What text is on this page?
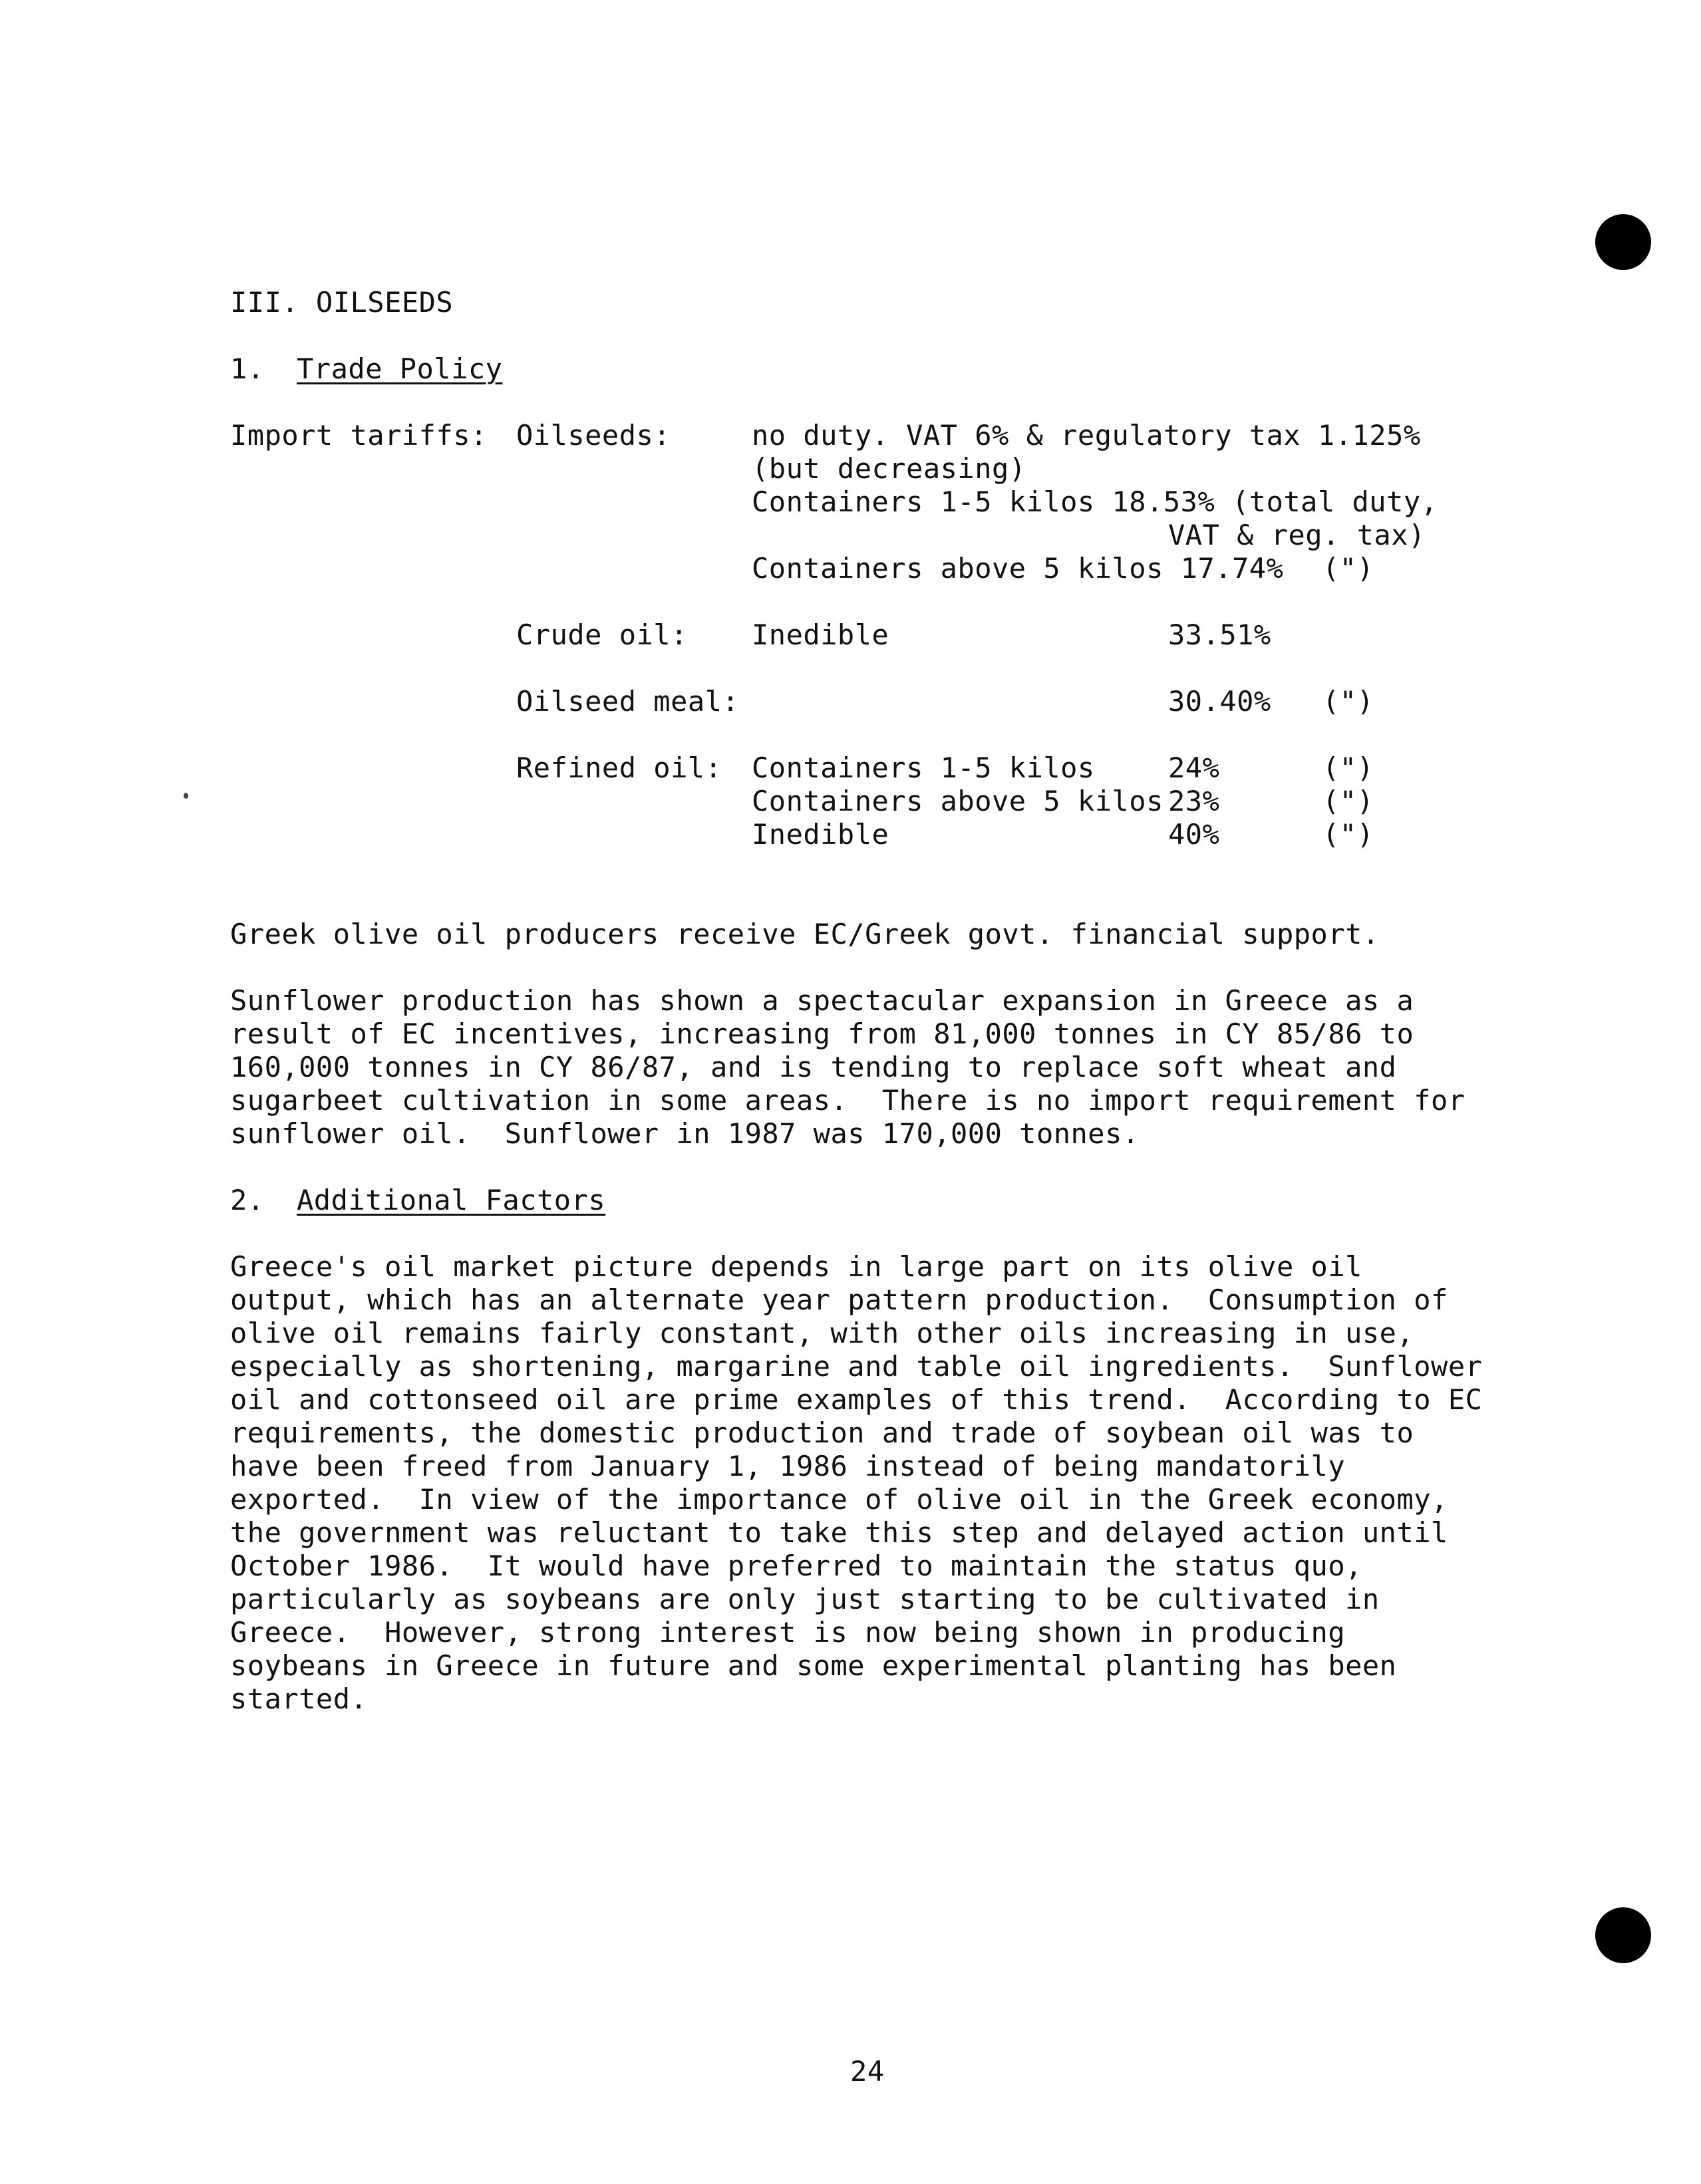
III. OILSEEDS
1. Trade Policy
Import tariffs: Oilseeds:	no duty. VAT 6% & regulatory tax 1.125%
(but decreasing)
Containers 1-5 kilos 18.53% (total duty,
VAT & reg. tax)
Containers above 5 kilos 17.74% (")
Crude oil: Inedible	33.51%
Oilseed meal:	30.40% (")
Refined oil: Containers 1-5 kilos	24%	(")
Containers above 5 kilos 23%	(")
Inedible	40%	(")
Greek olive oil producers receive EC/Greek govt. financial support.
Sunflower production has shown a spectacular expansion in Greece as a
result of EC incentives, increasing from 81,000 tonnes in CY 85/86 to
160,000 tonnes in CY 86/87, and is tending to replace soft wheat and
sugarbeet cultivation in some areas.  There is no import requirement for
sunflower oil.  Sunflower in 1987 was 170,000 tonnes.
2. Additional Factors
Greece's oil market picture depends in large part on its olive oil
output, which has an alternate year pattern production.  Consumption of
olive oil remains fairly constant, with other oils increasing in use,
especially as shortening, margarine and table oil ingredients.  Sunflower
oil and cottonseed oil are prime examples of this trend.  According to EC
requirements, the domestic production and trade of soybean oil was to
have been freed from January 1, 1986 instead of being mandatorily
exported.  In view of the importance of olive oil in the Greek economy,
the government was reluctant to take this step and delayed action until
October 1986.  It would have preferred to maintain the status quo,
particularly as soybeans are only just starting to be cultivated in
Greece.  However, strong interest is now being shown in producing
soybeans in Greece in future and some experimental planting has been
started.
24
